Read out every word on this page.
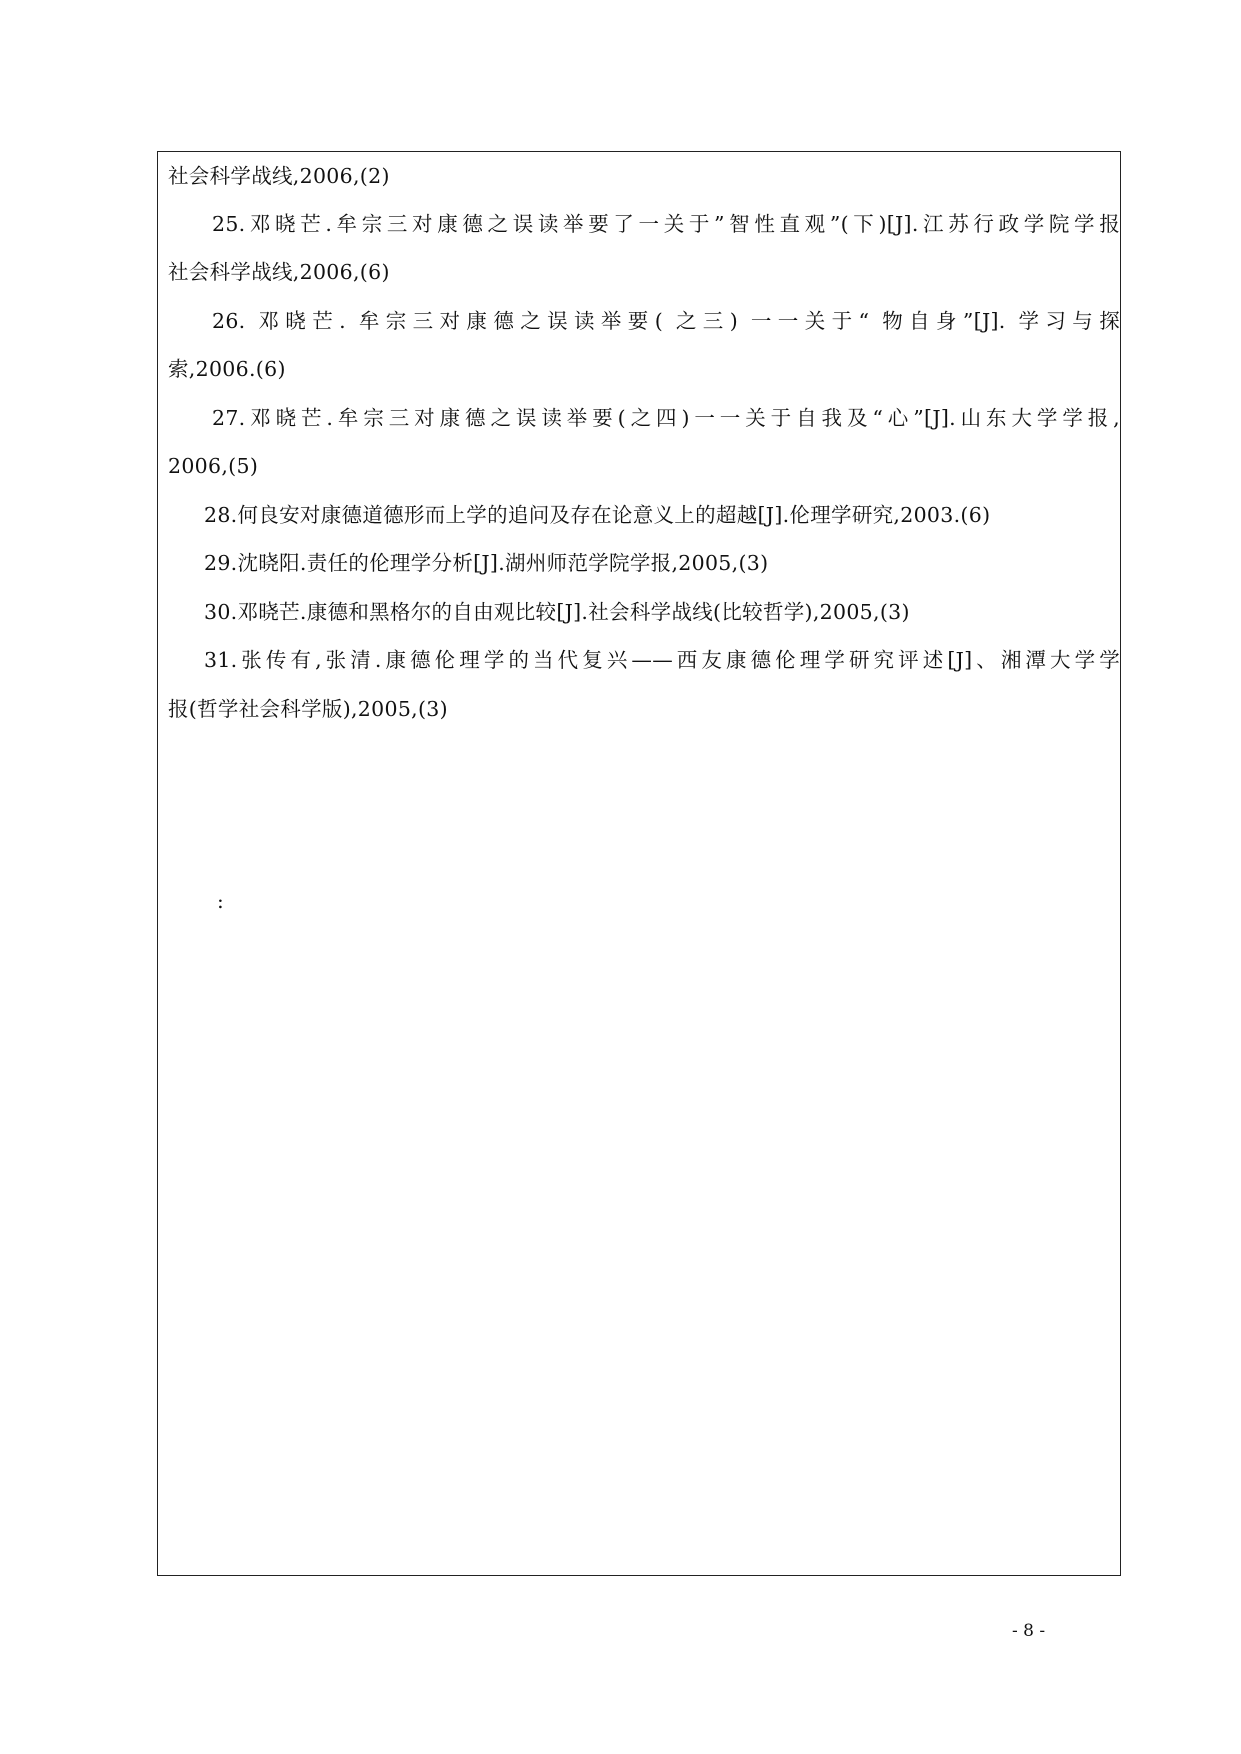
社会科学战线,2006,(2)
25.邓晓芒.牟宗三对康德之误读举要了一关于”智性直观”(下)[J].江苏行政学院学报
社会科学战线,2006,(6)
26. 邓晓芒. 牟宗三对康德之误读举要( 之三) 一一关于“ 物自身”[J]. 学习与探
索,2006.(6)
27.邓晓芒.牟宗三对康德之误读举要(之四)一一关于自我及“心”[J].山东大学学报,
2006,(5)
28.何良安对康德道德形而上学的追问及存在论意义上的超越[J].伦理学研究,2003.(6)
29.沈晓阳.责任的伦理学分析[J].湖州师范学院学报,2005,(3)
30.邓晓芒.康德和黑格尔的自由观比较[J].社会科学战线(比较哲学),2005,(3)
31.张传有,张清.康德伦理学的当代复兴——西友康德伦理学研究评述[J]、湘潭大学学
报(哲学社会科学版),2005,(3)
:
- 8 -
